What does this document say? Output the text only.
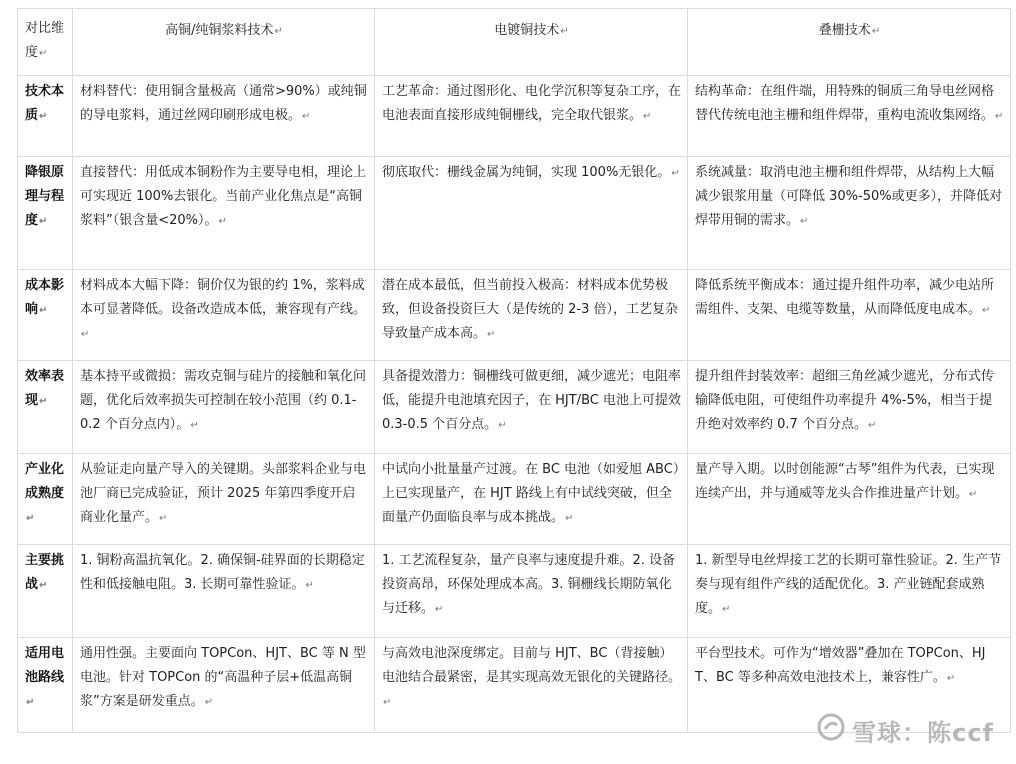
对比维度↵	高铜/纯铜浆料技术↵	电镀铜技术↵	叠栅技术↵
技术本质↵	材料替代：使用铜含量极高（通常>90%）或纯铜的导电浆料，通过丝网印刷形成电极。↵	工艺革命：通过图形化、电化学沉积等复杂工序，在电池表面直接形成纯铜栅线，完全取代银浆。↵	结构革命：在组件端，用特殊的铜质三角导电丝网格替代传统电池主栅和组件焊带，重构电流收集网络。↵
降银原理与程度↵	直接替代：用低成本铜粉作为主要导电相，理论上可实现近 100%去银化。当前产业化焦点是“高铜浆料”（银含量<20%）。↵	彻底取代：栅线金属为纯铜，实现 100%无银化。↵	系统减量：取消电池主栅和组件焊带，从结构上大幅减少银浆用量（可降低 30%-50%或更多），并降低对焊带用铜的需求。↵
成本影响↵	材料成本大幅下降：铜价仅为银的约 1%，浆料成本可显著降低。设备改造成本低，兼容现有产线。↵	潜在成本最低，但当前投入极高：材料成本优势极致，但设备投资巨大（是传统的 2-3 倍），工艺复杂导致量产成本高。↵	降低系统平衡成本：通过提升组件功率，减少电站所需组件、支架、电缆等数量，从而降低度电成本。↵
效率表现↵	基本持平或微损：需攻克铜与硅片的接触和氧化问题，优化后效率损失可控制在较小范围（约 0.1-0.2 个百分点内）。↵	具备提效潜力：铜栅线可做更细，减少遮光；电阻率低，能提升电池填充因子，在 HJT/BC 电池上可提效 0.3-0.5 个百分点。↵	提升组件封装效率：超细三角丝减少遮光，分布式传输降低电阻，可使组件功率提升 4%-5%，相当于提升绝对效率约 0.7 个百分点。↵
产业化成熟度↵	从验证走向量产导入的关键期。头部浆料企业与电池厂商已完成验证，预计 2025 年第四季度开启商业化量产。↵	中试向小批量量产过渡。在 BC 电池（如爱旭 ABC）上已实现量产，在 HJT 路线上有中试线突破，但全面量产仍面临良率与成本挑战。↵	量产导入期。以时创能源“古琴”组件为代表，已实现连续产出，并与通威等龙头合作推进量产计划。↵
主要挑战↵	1. 铜粉高温抗氧化。2. 确保铜-硅界面的长期稳定性和低接触电阻。3. 长期可靠性验证。↵	1. 工艺流程复杂，量产良率与速度提升难。2. 设备投资高昂，环保处理成本高。3. 铜栅线长期防氧化与迁移。↵	1. 新型导电丝焊接工艺的长期可靠性验证。2. 生产节奏与现有组件产线的适配优化。3. 产业链配套成熟度。↵
适用电池路线↵	通用性强。主要面向 TOPCon、HJT、BC 等 N 型电池。针对 TOPCon 的“高温种子层+低温高铜浆”方案是研发重点。↵	与高效电池深度绑定。目前与 HJT、BC（背接触）电池结合最紧密，是其实现高效无银化的关键路径。↵	平台型技术。可作为“增效器”叠加在 TOPCon、HJT、BC 等多种高效电池技术上，兼容性广。↵
雪球：陈ccf
